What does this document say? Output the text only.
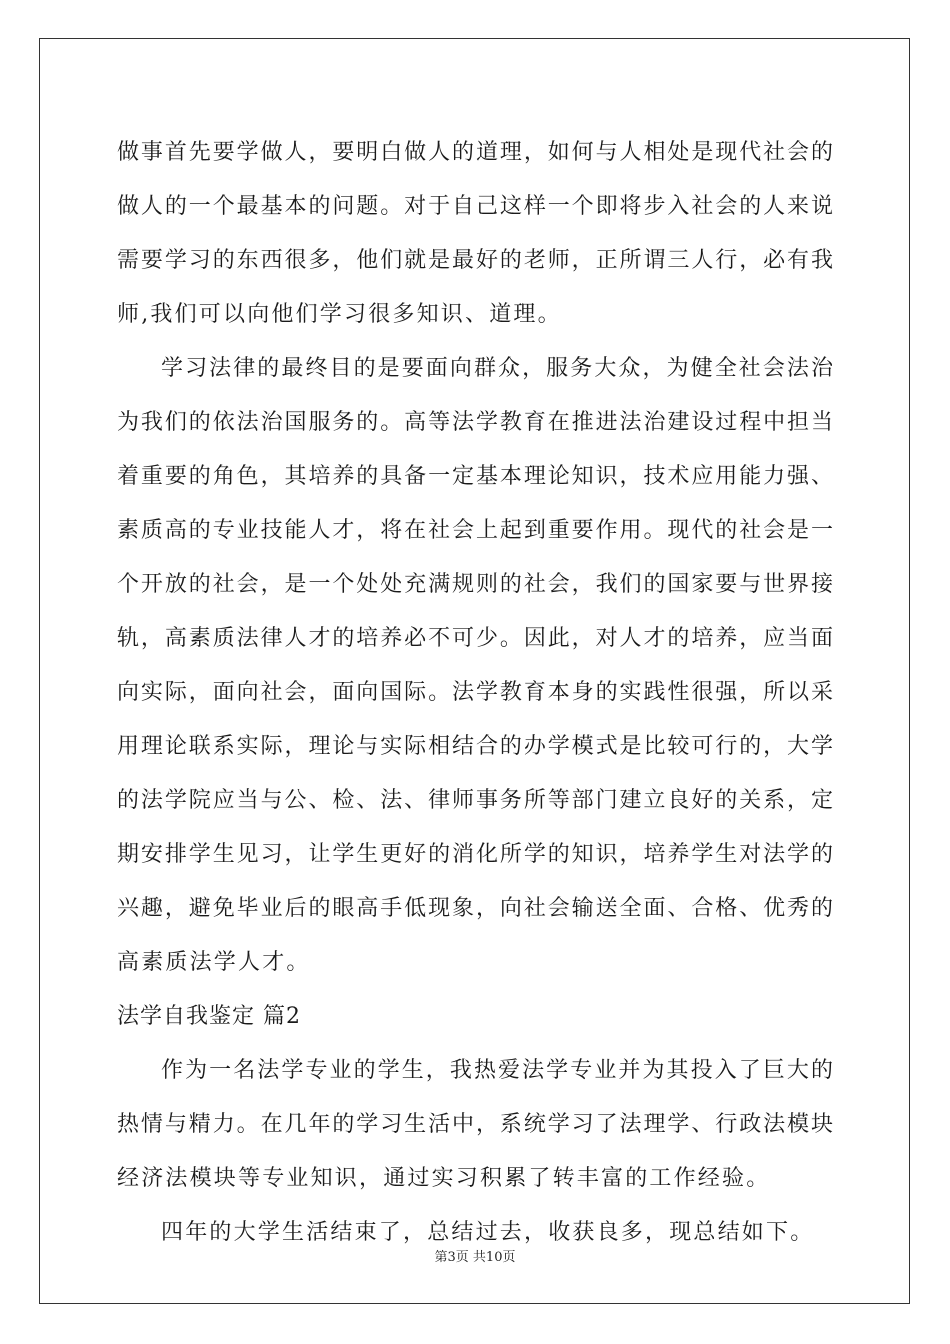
做事首先要学做人，要明白做人的道理，如何与人相处是现代社会的
做人的一个最基本的问题。对于自己这样一个即将步入社会的人来说
需要学习的东西很多，他们就是最好的老师，正所谓三人行，必有我
师,我们可以向他们学习很多知识、道理。
学习法律的最终目的是要面向群众，服务大众，为健全社会法治
为我们的依法治国服务的。高等法学教育在推进法治建设过程中担当
着重要的角色，其培养的具备一定基本理论知识，技术应用能力强、
素质高的专业技能人才，将在社会上起到重要作用。现代的社会是一
个开放的社会，是一个处处充满规则的社会，我们的国家要与世界接
轨，高素质法律人才的培养必不可少。因此，对人才的培养，应当面
向实际，面向社会，面向国际。法学教育本身的实践性很强，所以采
用理论联系实际，理论与实际相结合的办学模式是比较可行的，大学
的法学院应当与公、检、法、律师事务所等部门建立良好的关系，定
期安排学生见习，让学生更好的消化所学的知识，培养学生对法学的
兴趣，避免毕业后的眼高手低现象，向社会输送全面、合格、优秀的
高素质法学人才。
法学自我鉴定 篇2
作为一名法学专业的学生，我热爱法学专业并为其投入了巨大的
热情与精力。在几年的学习生活中，系统学习了法理学、行政法模块
经济法模块等专业知识，通过实习积累了转丰富的工作经验。
四年的大学生活结束了，总结过去，收获良多，现总结如下。
第3页 共10页
